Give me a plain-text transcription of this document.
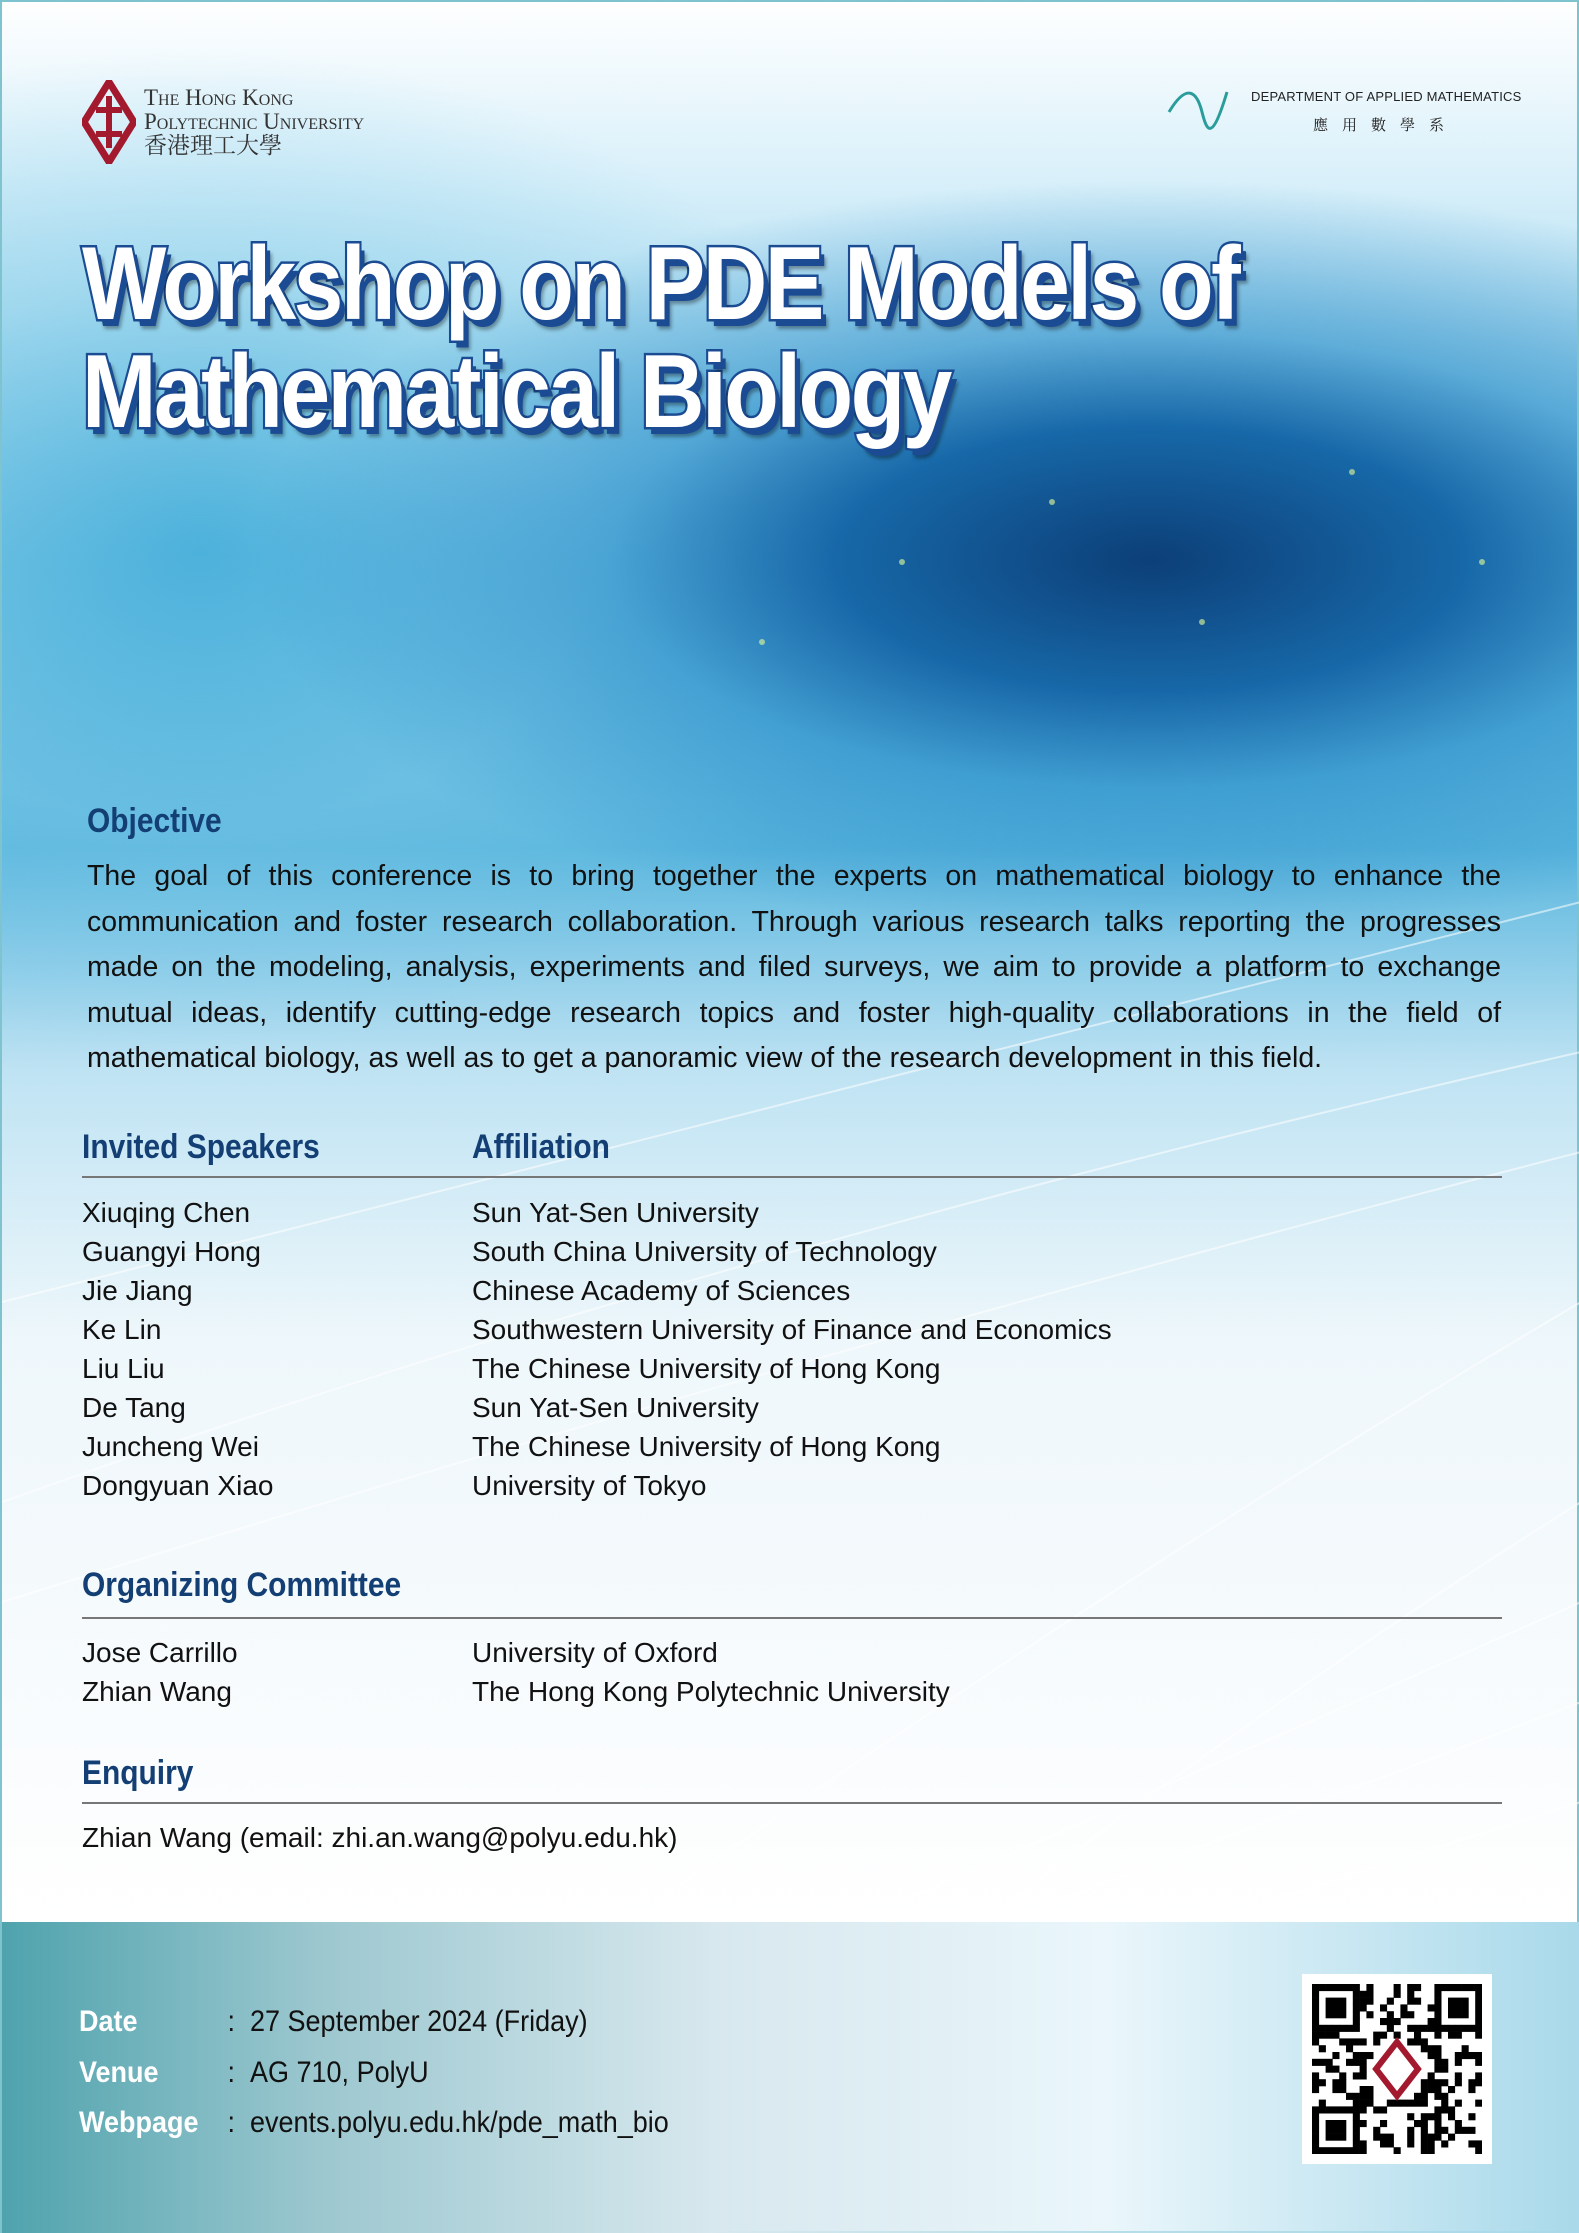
The Hong Kong
Polytechnic University
香港理工大學
DEPARTMENT OF APPLIED MATHEMATICS
應用數學系
Workshop on PDE Models of
Mathematical Biology
Objective
The goal of this conference is to bring together the experts on mathematical biology to enhance the communication and foster research collaboration. Through various research talks reporting the progresses made on the modeling, analysis, experiments and filed surveys, we aim to provide a platform to exchange mutual ideas, identify cutting-edge research topics and foster high-quality collaborations in the field of mathematical biology, as well as to get a panoramic view of the research development in this field.
Invited Speakers	Affiliation
Xiuqing Chen	Sun Yat-Sen University
Guangyi Hong	South China University of Technology
Jie Jiang	Chinese Academy of Sciences
Ke Lin	Southwestern University of Finance and Economics
Liu Liu	The Chinese University of Hong Kong
De Tang	Sun Yat-Sen University
Juncheng Wei	The Chinese University of Hong Kong
Dongyuan Xiao	University of Tokyo
Organizing Committee
Jose Carrillo	University of Oxford
Zhian Wang	The Hong Kong Polytechnic University
Enquiry
Zhian Wang (email: zhi.an.wang@polyu.edu.hk)
Date	: 27 September 2024 (Friday)
Venue	: AG 710, PolyU
Webpage : events.polyu.edu.hk/pde_math_bio
